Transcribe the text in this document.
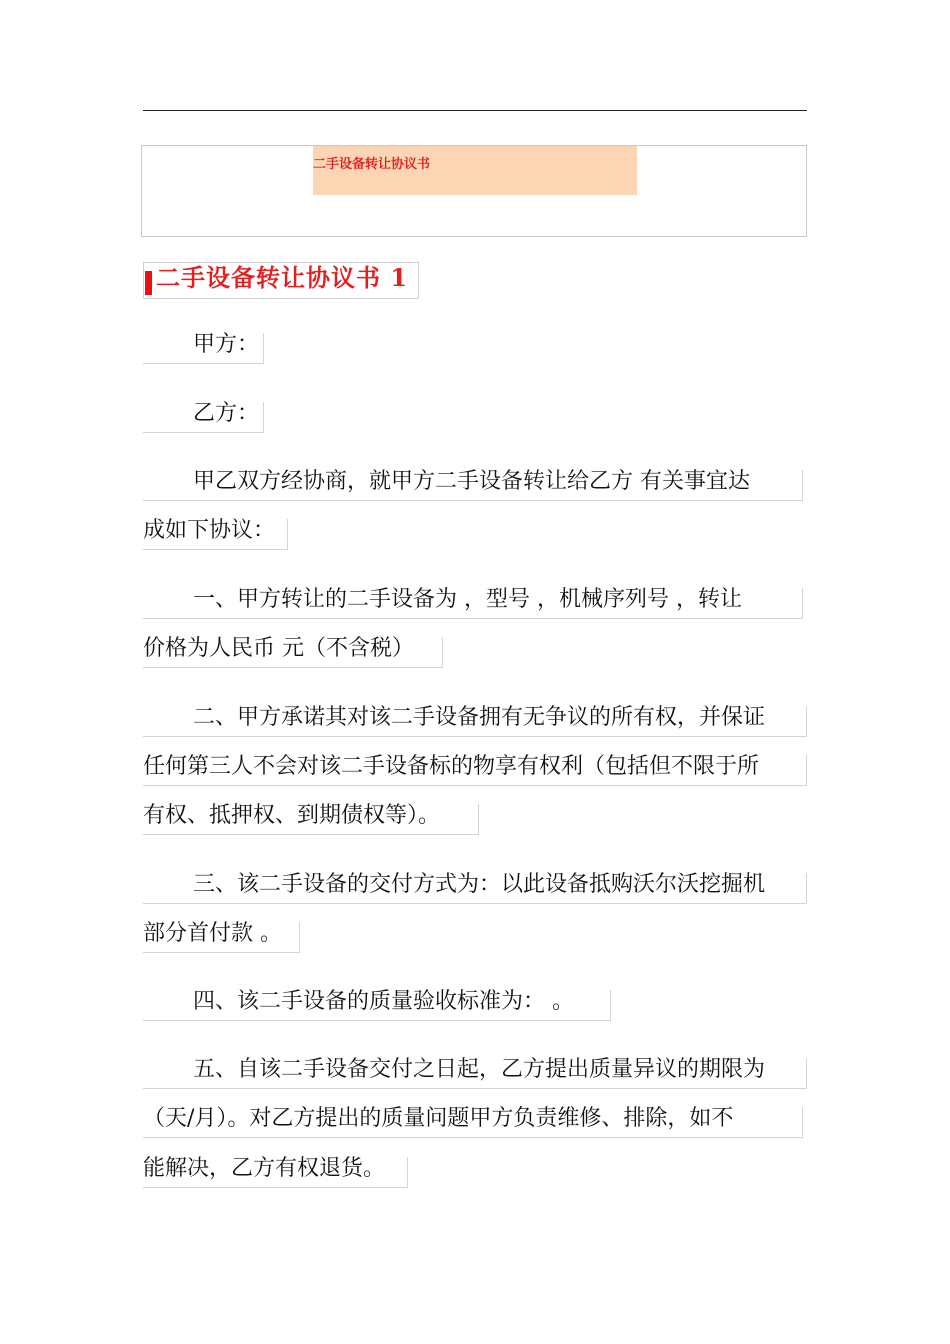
二手设备转让协议书
二手设备转让协议书 1
甲方：
乙方：
甲乙双方经协商，就甲方二手设备转让给乙方 有关事宜达
成如下协议：
一、甲方转让的二手设备为 ，型号 ，机械序列号 ，转让
价格为人民币 元（不含税）
二、甲方承诺其对该二手设备拥有无争议的所有权，并保证
任何第三人不会对该二手设备标的物享有权利（包括但不限于所
有权、抵押权、到期债权等）。
三、该二手设备的交付方式为：以此设备抵购沃尔沃挖掘机
部分首付款 。
四、该二手设备的质量验收标准为： 。
五、自该二手设备交付之日起，乙方提出质量异议的期限为
（天/月）。对乙方提出的质量问题甲方负责维修、排除，如不
能解决，乙方有权退货。
